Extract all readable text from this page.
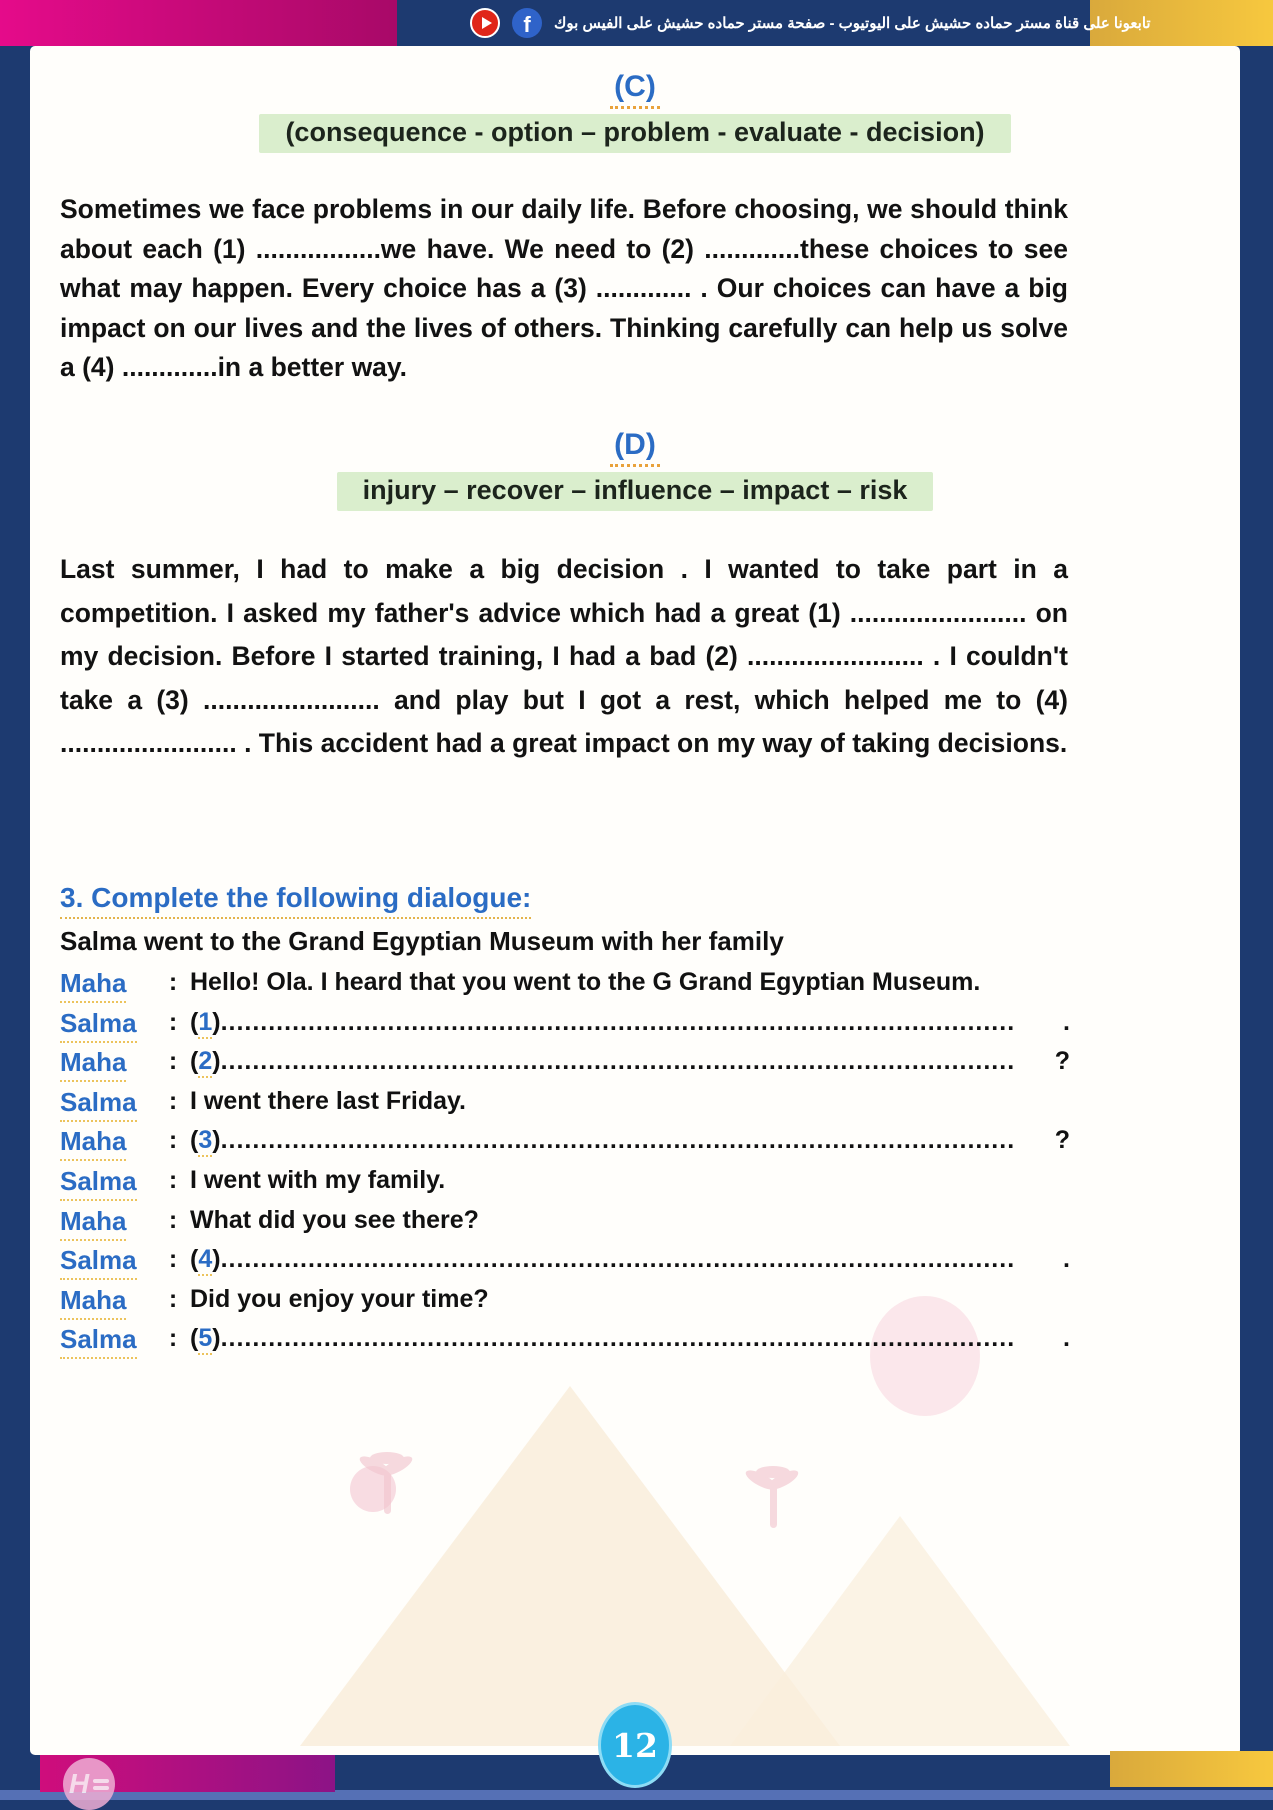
f	تابعونا على قناة مستر حماده حشيش على اليوتيوب - صفحة مستر حماده حشيش على الفيس بوك
(C)
(consequence - option – problem - evaluate - decision)
Sometimes we face problems in our daily life. Before choosing, we should think about each (1) .................we have. We need to (2) .............these choices to see what may happen. Every choice has a (3) ............. . Our choices can have a big impact on our lives and the lives of others. Thinking carefully can help us solve a (4) .............in a better way.
(D)
injury – recover – influence – impact – risk
Last summer, I had to make a big decision . I wanted to take part in a competition. I asked my father's advice which had a great (1) ........................ on my decision. Before I started training, I had a bad (2) ........................ . I couldn't take a (3) ........................ and play but I got a rest, which helped me to (4) ........................ . This accident had a great impact on my way of taking decisions.
3. Complete the following dialogue:
Salma went to the Grand Egyptian Museum with her family
Maha	: Hello! Ola. I heard that you went to the G Grand Egyptian Museum.
Salma	: ( 1 ) ....................................................................................................	.
Maha	: ( 2 ) ....................................................................................................	?
Salma	: I went there last Friday.
Maha	: ( 3 ) ....................................................................................................	?
Salma	: I went with my family.
Maha	: What did you see there?
Salma	: ( 4 ) ....................................................................................................	.
Maha	: Did you enjoy your time?
Salma	: ( 5 ) ....................................................................................................	.
H
12
